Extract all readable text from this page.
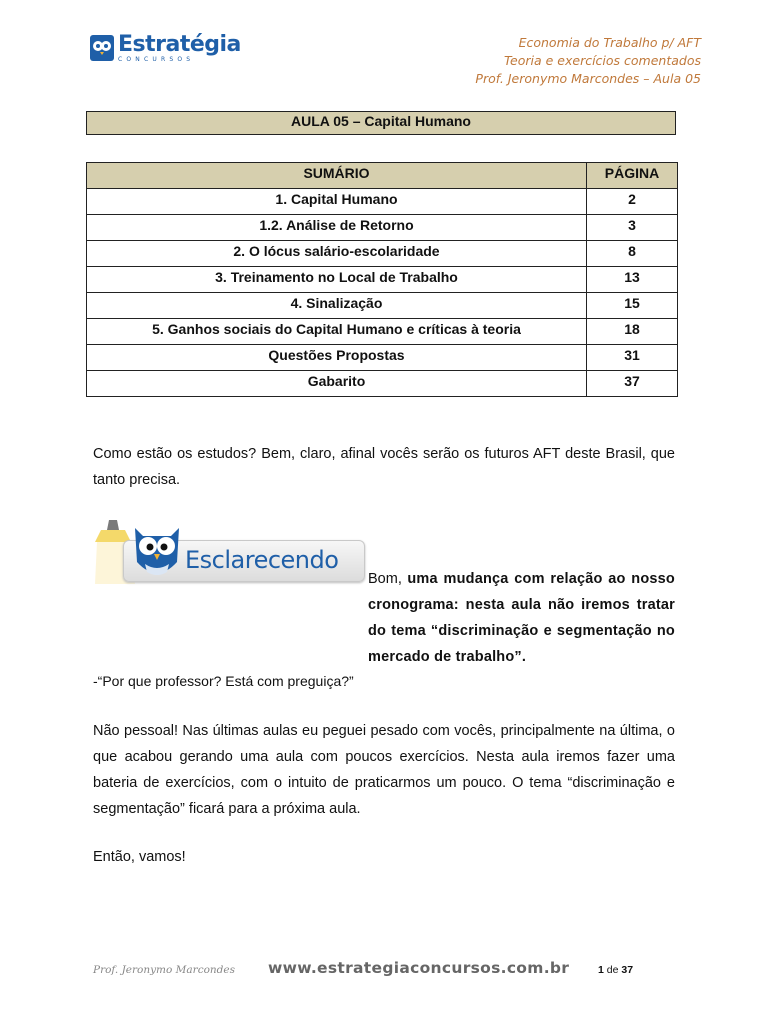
Estratégia
CONCURSOS
Economia do Trabalho p/ AFT
Teoria e exercícios comentados
Prof. Jeronymo Marcondes – Aula 05
AULA 05 – Capital Humano
SUMÁRIO	PÁGINA
1. Capital Humano	2
1.2. Análise de Retorno	3
2. O lócus salário-escolaridade	8
3. Treinamento no Local de Trabalho	13
4. Sinalização	15
5. Ganhos sociais do Capital Humano e críticas à teoria	18
Questões Propostas	31
Gabarito	37
Como estão os estudos? Bem, claro, afinal vocês serão os futuros AFT deste Brasil, que tanto precisa.
Esclarecendo
Bom, uma mudança com relação ao nosso cronograma: nesta aula não iremos tratar do tema “discriminação e segmentação no mercado de trabalho”.
-“Por que professor? Está com preguiça?”
Não pessoal! Nas últimas aulas eu peguei pesado com vocês, principalmente na última, o que acabou gerando uma aula com poucos exercícios. Nesta aula iremos fazer uma bateria de exercícios, com o intuito de praticarmos um pouco. O tema “discriminação e segmentação” ficará para a próxima aula.
Então, vamos!
Prof. Jeronymo Marcondes www.estrategiaconcursos.com.br	1 de 37
